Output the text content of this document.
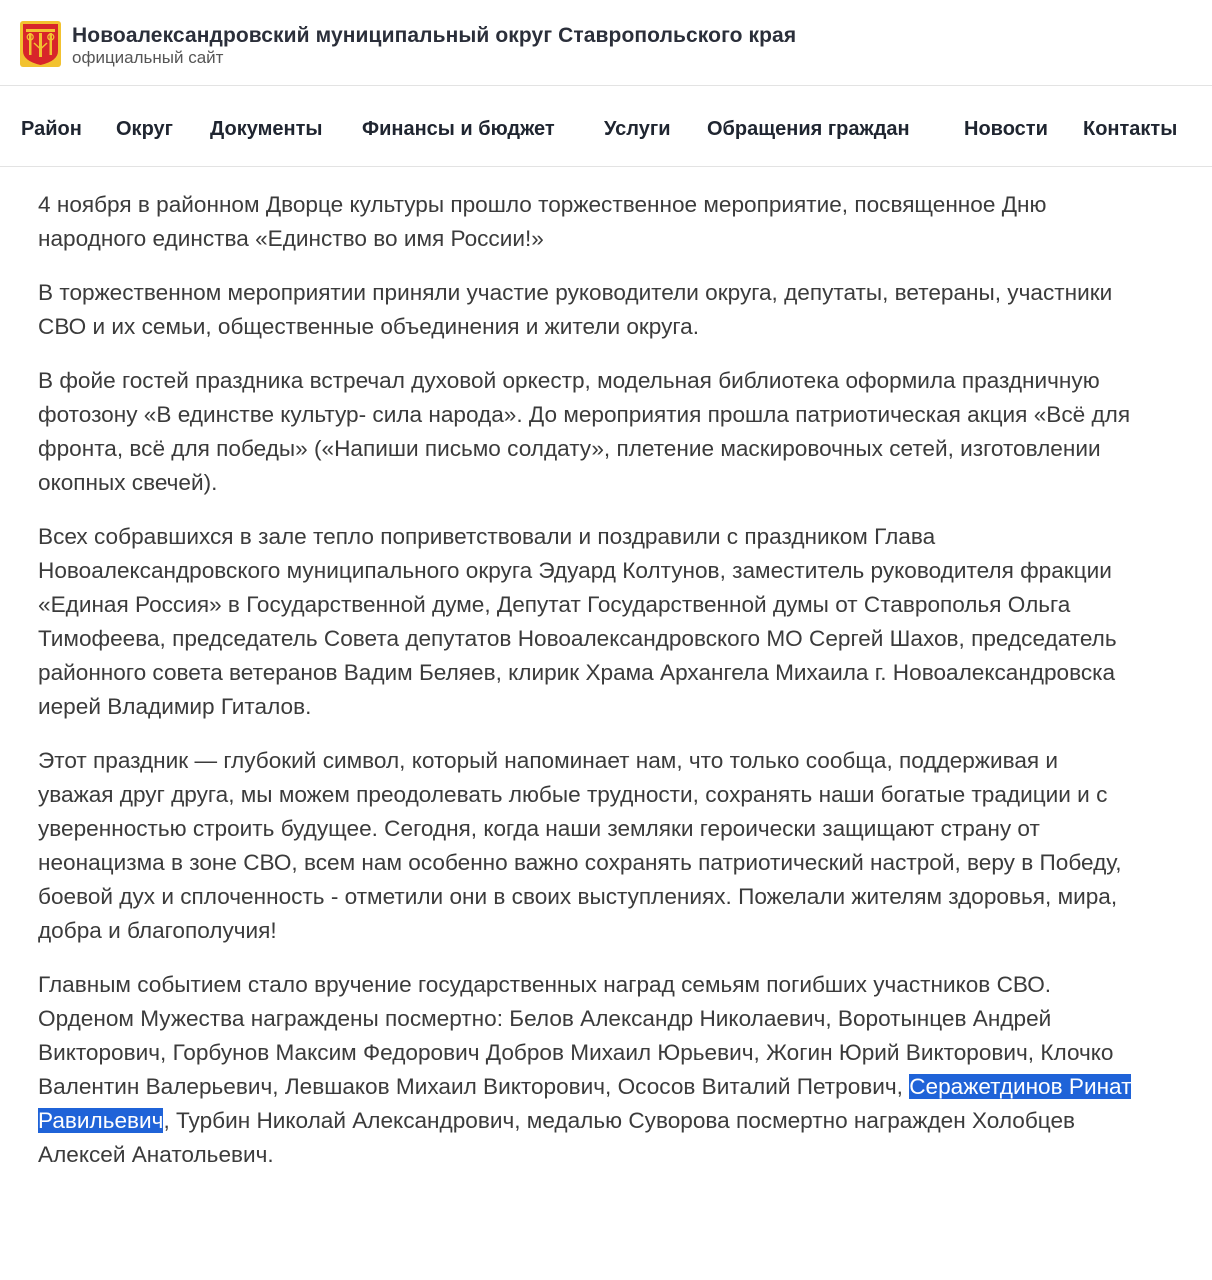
Новоалександровский муниципальный округ Ставропольского края
официальный сайт
Район Округ Документы Финансы и бюджет Услуги Обращения граждан	Новости Контакты

4 ноября в районном Дворце культуры прошло торжественное мероприятие, посвященное Дню народного единства «Единство во имя России!»

В торжественном мероприятии приняли участие руководители округа, депутаты, ветераны, участники СВО и их семьи, общественные объединения и жители округа.

В фойе гостей праздника встречал духовой оркестр, модельная библиотека оформила праздничную фотозону «В единстве культур- сила народа». До мероприятия прошла патриотическая акция «Всё для фронта, всё для победы» («Напиши письмо солдату», плетение маскировочных сетей, изготовлении окопных свечей).

Всех собравшихся в зале тепло поприветствовали и поздравили с праздником Глава Новоалександровского муниципального округа Эдуард Колтунов, заместитель руководителя фракции «Единая Россия» в Государственной думе, Депутат Государственной думы от Ставрополья Ольга Тимофеева, председатель Совета депутатов Новоалександровского МО Сергей Шахов, председатель районного совета ветеранов Вадим Беляев, клирик Храма Архангела Михаила г. Новоалександровска иерей Владимир Гиталов.

Этот праздник — глубокий символ, который напоминает нам, что только сообща, поддерживая и уважая друг друга, мы можем преодолевать любые трудности, сохранять наши богатые традиции и с уверенностью строить будущее. Сегодня, когда наши земляки героически защищают страну от неонацизма в зоне СВО, всем нам особенно важно сохранять патриотический настрой, веру в Победу, боевой дух и сплоченность - отметили они в своих выступлениях. Пожелали жителям здоровья, мира, добра и благополучия!

Главным событием стало вручение государственных наград семьям погибших участников СВО. Орденом Мужества награждены посмертно: Белов Александр Николаевич, Воротынцев Андрей Викторович, Горбунов Максим Федорович Добров Михаил Юрьевич, Жогин Юрий Викторович, Клочко Валентин Валерьевич, Левшаков Михаил Викторович, Ососов Виталий Петрович, Серажетдинов Ринат Равильевич, Турбин Николай Александрович, медалью Суворова посмертно награжден Холобцев Алексей Анатольевич.
